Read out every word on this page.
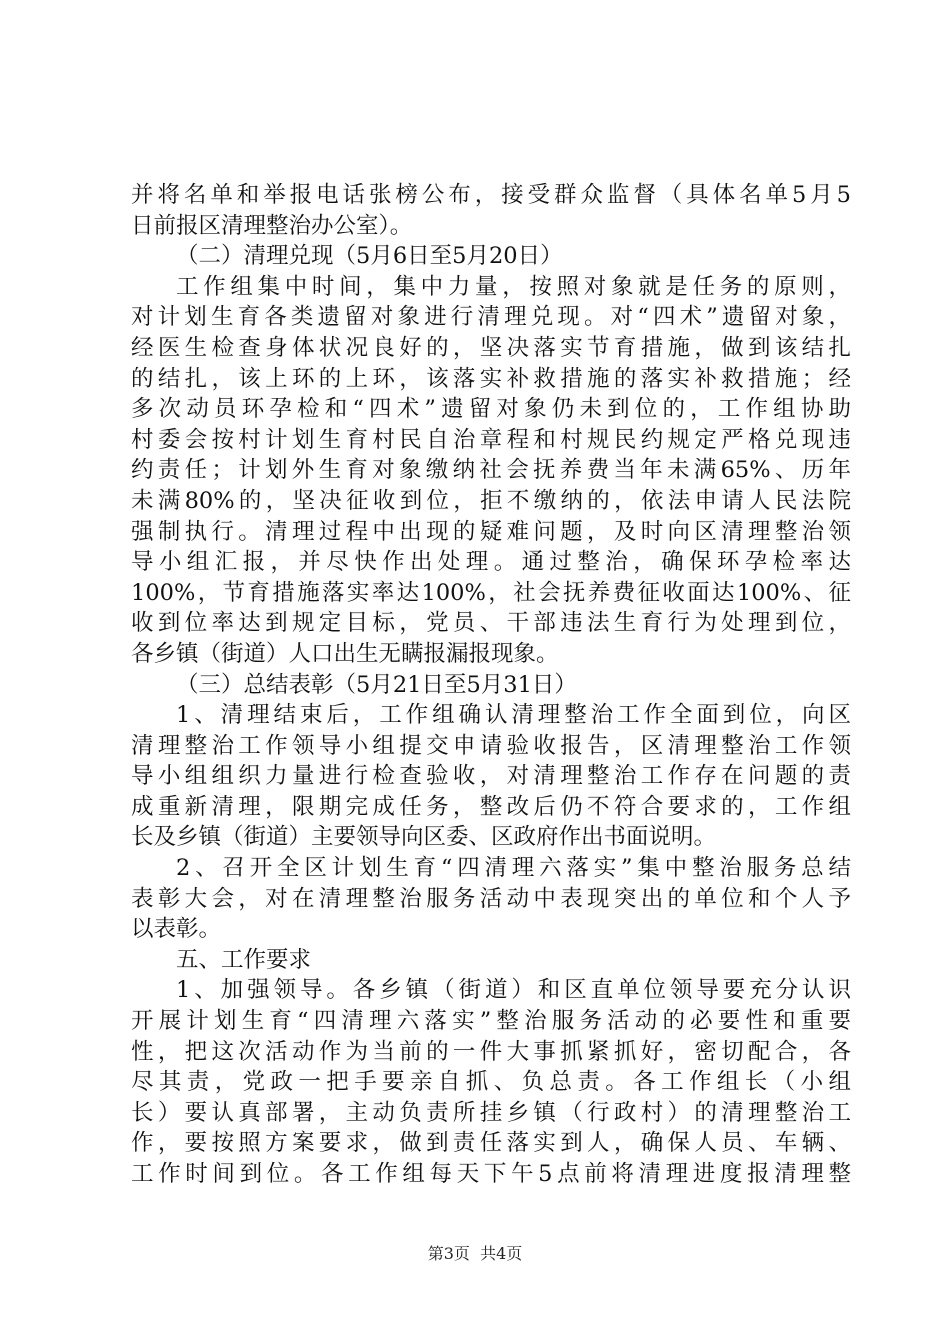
并将名单和举报电话张榜公布，接受群众监督（具体名单5月5
日前报区清理整治办公室）。
（二）清理兑现（5月6日至5月20日）
工作组集中时间，集中力量，按照对象就是任务的原则，
对计划生育各类遗留对象进行清理兑现。对“四术”遗留对象，
经医生检查身体状况良好的，坚决落实节育措施，做到该结扎
的结扎，该上环的上环，该落实补救措施的落实补救措施；经
多次动员环孕检和“四术”遗留对象仍未到位的，工作组协助
村委会按村计划生育村民自治章程和村规民约规定严格兑现违
约责任；计划外生育对象缴纳社会抚养费当年未满65%、历年
未满80%的，坚决征收到位，拒不缴纳的，依法申请人民法院
强制执行。清理过程中出现的疑难问题，及时向区清理整治领
导小组汇报，并尽快作出处理。通过整治，确保环孕检率达
100%，节育措施落实率达100%，社会抚养费征收面达100%、征
收到位率达到规定目标，党员、干部违法生育行为处理到位，
各乡镇（街道）人口出生无瞒报漏报现象。
（三）总结表彰（5月21日至5月31日）
1、清理结束后，工作组确认清理整治工作全面到位，向区
清理整治工作领导小组提交申请验收报告，区清理整治工作领
导小组组织力量进行检查验收，对清理整治工作存在问题的责
成重新清理，限期完成任务，整改后仍不符合要求的，工作组
长及乡镇（街道）主要领导向区委、区政府作出书面说明。
2、召开全区计划生育“四清理六落实”集中整治服务总结
表彰大会，对在清理整治服务活动中表现突出的单位和个人予
以表彰。
五、工作要求
1、加强领导。各乡镇（街道）和区直单位领导要充分认识
开展计划生育“四清理六落实”整治服务活动的必要性和重要
性，把这次活动作为当前的一件大事抓紧抓好，密切配合，各
尽其责，党政一把手要亲自抓、负总责。各工作组长（小组
长）要认真部署，主动负责所挂乡镇（行政村）的清理整治工
作，要按照方案要求，做到责任落实到人，确保人员、车辆、
工作时间到位。各工作组每天下午5点前将清理进度报清理整
第3页  共4页
